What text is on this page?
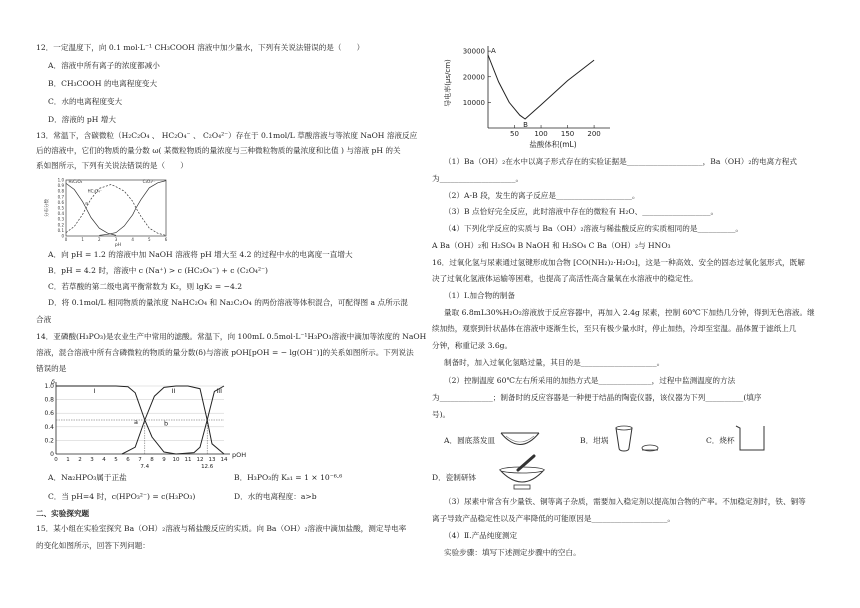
12．一定温度下，向 0.1 mol·L⁻¹ CH₃COOH 溶液中加少量水，下列有关说法错误的是（　　）
A．溶液中所有离子的浓度都减小
B．CH₃COOH 的电离程度变大
C．水的电离程度变大
D．溶液的 pH 增大
13．常温下，含碳微粒（H₂C₂O₄ 、 HC₂O₄⁻ 、 C₂O₄²⁻）存在于 0.1mol/L 草酸溶液与等浓度 NaOH 溶液反应
后的溶液中，它们的物质的量分数 ω( 某微粒物质的量浓度与三种微粒物质的量浓度和比值 ) 与溶液 pH 的关
系如图所示，下列有关说法错误的是（　　）
0
0.1
0.2
0.3
0.4
0.5
0.6
0.7
0.8
0.9
1.0
0	1	2	3	4	5	6
pH
分布分数
H₂C₂O₄
HC₂O₄⁻
C₂O₄²⁻
a
A．向 pH = 1.2 的溶液中加 NaOH 溶液将 pH 增大至 4.2 的过程中水的电离度一直增大
B．pH = 4.2 时，溶液中 c (Na⁺) > c (HC₂O₄⁻) + c (C₂O₄²⁻)
C．若草酸的第二级电离平衡常数为 K₂，则 lgK₂ = −4.2
D．将 0.1mol/L 相同物质的量浓度 NaHC₂O₄ 和 Na₂C₂O₄ 的两份溶液等体积混合，可配得图 a 点所示混
合液
14．亚磷酸(H₃PO₃)是农业生产中常用的滤酸。常温下，向 100mL 0.5mol·L⁻¹H₃PO₃溶液中滴加等浓度的 NaOH
溶液，混合溶液中所有含磷微粒的物质的量分数(δ)与溶液 pOH[pOH = − lg(OH⁻)]的关系如图所示。下列说法
错误的是
0
0.2
0.4
0.6
0.8
1.0
δ
0 1 2 3 4 5 6 7 8 9 10 11 12 13 14
7.4	12.6
pOH
I	II	III
a	b
A．Na₂HPO₃属于正盐	B．H₃PO₃的 Kₐ₁ = 1 × 10⁻⁶·⁶
C．当 pH=4 时，c(HPO₃²⁻) = c(H₃PO₃)	D．水的电离程度：a>b
二、实验探究题
15．某小组在实验室探究 Ba（OH）₂溶液与稀盐酸反应的实质。向 Ba（OH）₂溶液中滴加盐酸，测定导电率
的变化如图所示，回答下列问题：
10000
20000
30000
50 100 150 200
盐酸体积(mL)
导电率(μs/cm)
A
B
（1）Ba（OH）₂在水中以离子形式存在的实验证据是____________________，Ba（OH）₂的电离方程式
为____________________。
（2）A-B 段，发生的离子反应是____________________。
（3）B 点恰好完全反应，此时溶液中存在的微粒有 H₂O、__________________。
（4）下列化学反应的实质与 Ba（OH）₂溶液与稀盐酸反应的实质相同的是__________。
A Ba（OH）₂和 H₂SO₄ B NaOH 和 H₂SO₄ C Ba（OH）₂与 HNO₃
16．过氧化氢与尿素通过氢键形成加合物 [CO(NH₂)₂·H₂O₂]，这是一种高效、安全的固态过氧化氢形式，既解
决了过氧化氢液体运输等困难，也提高了高活性高含量氧在水溶液中的稳定性。
（1）Ⅰ.加合物的制备
量取 6.8mL30%H₂O₂溶液放于反应容器中，再加入 2.4g 尿素，控制 60℃下加热几分钟，得到无色溶液。继
续加热，观察到针状晶体在溶液中逐渐生长，至只有极少量水时，停止加热，冷却至室温。晶体置于滤纸上几
分钟，称重记录 3.6g。
制备时，加入过氧化氢略过量，其目的是____________________。
（2）控制温度 60℃左右所采用的加热方式是______________，过程中监测温度的方法
为______________；制备时的反应容器是一种便于结晶的陶瓷仪器，该仪器为下列__________(填序
号)。
A．圆底蒸发皿	B．坩埚	C．烧杯
D．瓷制研钵
（3）尿素中常含有少量铁、铜等离子杂质，需要加入稳定剂以提高加合物的产率。不加稳定剂时，铁、铜等
离子导致产品稳定性以及产率降低的可能原因是____________________。
（4）Ⅱ.产品纯度测定
实验步骤：填写下述测定步骤中的空白。
